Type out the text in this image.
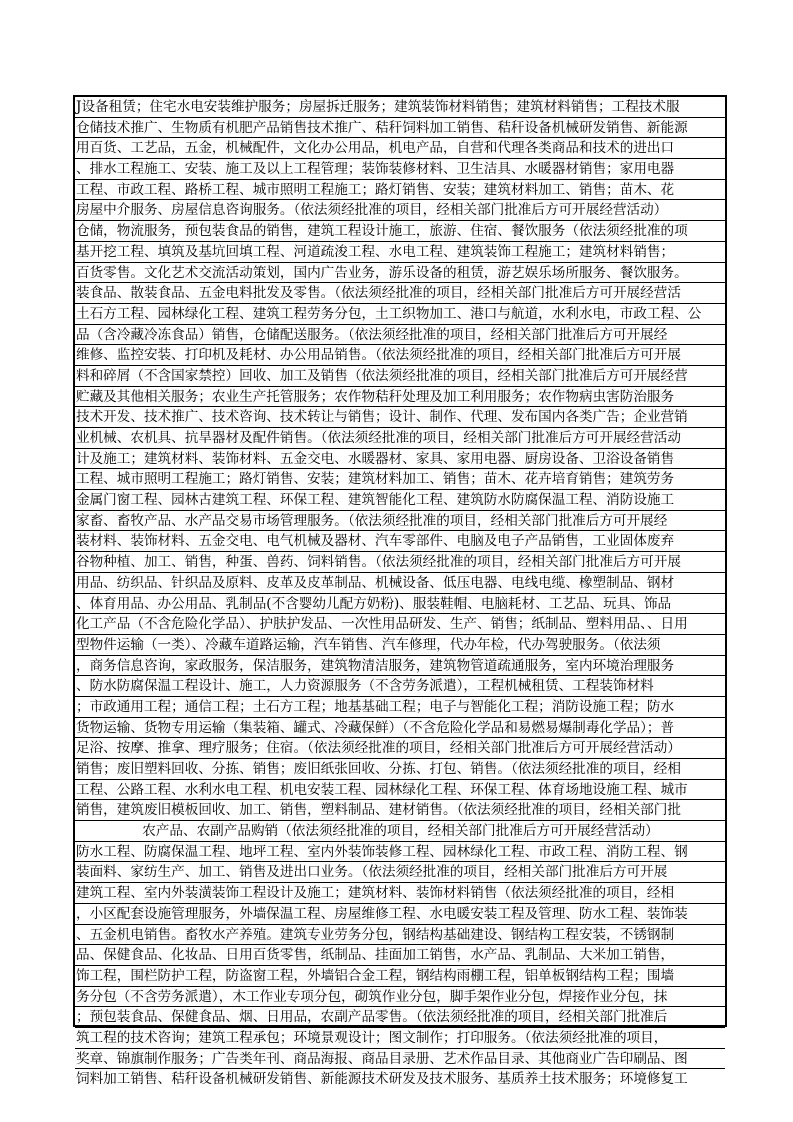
J设备租赁；住宅水电安装维护服务；房屋拆迁服务；建筑装饰材料销售；建筑材料销售；工程技术服
仓储技术推广、生物质有机肥产品销售技术推广、秸秆饲料加工销售、秸秆设备机械研发销售、新能源
用百货、工艺品，五金，机械配件，文化办公用品，机电产品，自营和代理各类商品和技术的进出口
、排水工程施工、安装、施工及以上工程管理；装饰装修材料、卫生洁具、水暖器材销售；家用电器
工程、市政工程、路桥工程、城市照明工程施工；路灯销售、安装；建筑材料加工、销售；苗木、花
房屋中介服务、房屋信息咨询服务。（依法须经批准的项目，经相关部门批准后方可开展经营活动）
仓储，物流服务，预包装食品的销售，建筑工程设计施工，旅游、住宿、餐饮服务（依法须经批准的项
基开挖工程、填筑及基坑回填工程、河道疏浚工程、水电工程、建筑装饰工程施工；建筑材料销售；
百货零售。文化艺术交流活动策划，国内广告业务，游乐设备的租赁，游艺娱乐场所服务、餐饮服务。
装食品、散装食品、五金电料批发及零售。（依法须经批准的项目，经相关部门批准后方可开展经营活
土石方工程、园林绿化工程、建筑工程劳务分包，土工织物加工、港口与航道，水利水电，市政工程、公
品（含冷藏冷冻食品）销售，仓储配送服务。（依法须经批准的项目，经相关部门批准后方可开展经
维修、监控安装、打印机及耗材、办公用品销售。（依法须经批准的项目，经相关部门批准后方可开展
料和碎屑（不含国家禁控）回收、加工及销售（依法须经批准的项目，经相关部门批准后方可开展经营
贮藏及其他相关服务；农业生产托管服务；农作物秸秆处理及加工利用服务；农作物病虫害防治服务
技术开发、技术推广、技术咨询、技术转让与销售；设计、制作、代理、发布国内各类广告；企业营销
业机械、农机具、抗旱器材及配件销售。（依法须经批准的项目，经相关部门批准后方可开展经营活动
计及施工；建筑材料、装饰材料、五金交电、水暖器材、家具、家用电器、厨房设备、卫浴设备销售
工程、城市照明工程施工；路灯销售、安装；建筑材料加工、销售；苗木、花卉培育销售；建筑劳务
金属门窗工程、园林古建筑工程、环保工程、建筑智能化工程、建筑防水防腐保温工程、消防设施工
家畜、畜牧产品、水产品交易市场管理服务。（依法须经批准的项目，经相关部门批准后方可开展经
装材料、装饰材料、五金交电、电气机械及器材、汽车零部件、电脑及电子产品销售，工业固体废弃
谷物种植、加工、销售，种蛋、兽药、饲料销售。（依法须经批准的项目，经相关部门批准后方可开展
用品、纺织品、针织品及原料、皮革及皮革制品、机械设备、低压电器、电线电缆、橡塑制品、钢材
、体育用品、办公用品、乳制品(不含婴幼儿配方奶粉)、服装鞋帽、电脑耗材、工艺品、玩具、饰品
化工产品（不含危险化学品）、护肤护发品、一次性用品研发、生产、销售；纸制品、塑料用品、、日用
型物件运输（一类）、冷藏车道路运输，汽车销售、汽车修理，代办年检，代办驾驶服务。（依法须
，商务信息咨询，家政服务，保洁服务，建筑物清洁服务，建筑物管道疏通服务，室内环境治理服务
、防水防腐保温工程设计、施工，人力资源服务（不含劳务派遣），工程机械租赁、工程装饰材料
；市政通用工程；通信工程；土石方工程；地基基础工程；电子与智能化工程；消防设施工程；防水
货物运输、货物专用运输（集装箱、罐式、冷藏保鲜）（不含危险化学品和易燃易爆制毒化学品）；普
足浴、按摩、推拿、理疗服务；住宿。（依法须经批准的项目，经相关部门批准后方可开展经营活动）
销售；废旧塑料回收、分拣、销售；废旧纸张回收、分拣、打包、销售。（依法须经批准的项目，经相
工程、公路工程、水利水电工程、机电安装工程、园林绿化工程、环保工程、体育场地设施工程、城市
销售，建筑废旧模板回收、加工、销售，塑料制品、建材销售。（依法须经批准的项目，经相关部门批
农产品、农副产品购销（依法须经批准的项目，经相关部门批准后方可开展经营活动）
防水工程、防腐保温工程、地坪工程、室内外装饰装修工程、园林绿化工程、市政工程、消防工程、钢
装面料、家纺生产、加工、销售及进出口业务。（依法须经批准的项目，经相关部门批准后方可开展
建筑工程、室内外装潢装饰工程设计及施工；建筑材料、装饰材料销售（依法须经批准的项目，经相
，小区配套设施管理服务，外墙保温工程、房屋维修工程、水电暖安装工程及管理、防水工程、装饰装
、五金机电销售。畜牧水产养殖。建筑专业劳务分包，钢结构基础建设、钢结构工程安装，不锈钢制
品、保健食品、化妆品、日用百货零售，纸制品、挂面加工销售，水产品、乳制品、大米加工销售，
饰工程，围栏防护工程，防盗窗工程，外墙铝合金工程，钢结构雨棚工程，铝单板钢结构工程；围墙
务分包（不含劳务派遣），木工作业专项分包，砌筑作业分包，脚手架作业分包，焊接作业分包，抹
；预包装食品、保健食品、烟、日用品，农副产品零售。（依法须经批准的项目，经相关部门批准后
筑工程的技术咨询；建筑工程承包；环境景观设计；图文制作；打印服务。（依法须经批准的项目，
奖章、锦旗制作服务；广告类年刊、商品海报、商品目录册、艺术作品目录、其他商业广告印刷品、图
饲料加工销售、秸秆设备机械研发销售、新能源技术研发及技术服务、基质养土技术服务；环境修复工
